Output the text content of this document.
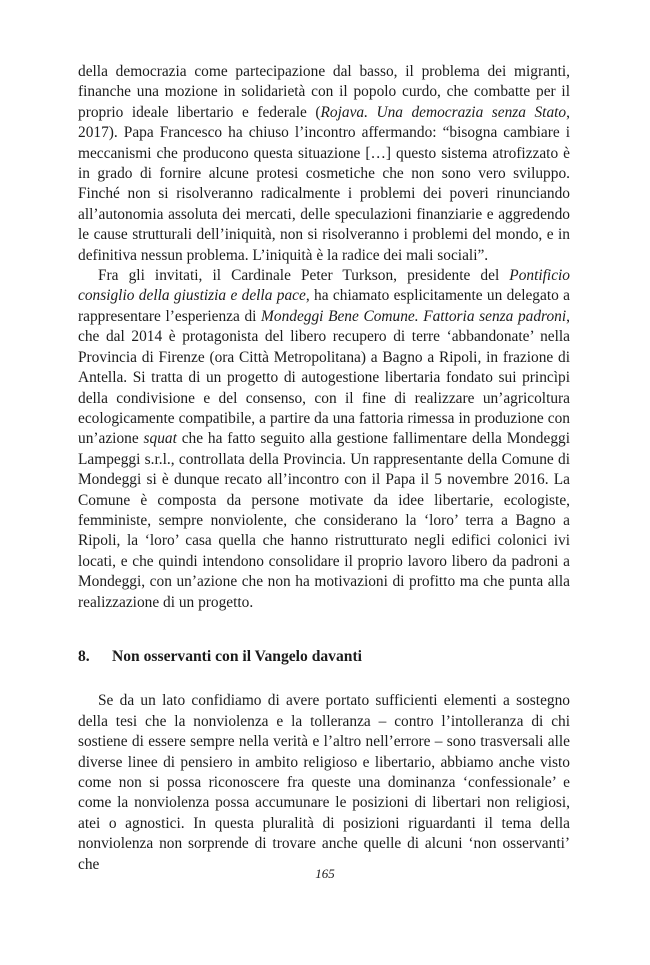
della democrazia come partecipazione dal basso, il problema dei migranti, finanche una mozione in solidarietà con il popolo curdo, che combatte per il proprio ideale libertario e federale (Rojava. Una democrazia senza Stato, 2017). Papa Francesco ha chiuso l’incontro affermando: “bisogna cambiare i meccanismi che producono questa situazione […] questo sistema atrofizzato è in grado di fornire alcune protesi cosmetiche che non sono vero sviluppo. Finché non si risolveranno radicalmente i problemi dei poveri rinunciando all’autonomia assoluta dei mercati, delle speculazioni finanziarie e aggredendo le cause strutturali dell’iniquità, non si risolveranno i problemi del mondo, e in definitiva nessun problema. L’iniquità è la radice dei mali sociali”.

Fra gli invitati, il Cardinale Peter Turkson, presidente del Pontificio consiglio della giustizia e della pace, ha chiamato esplicitamente un delegato a rappresentare l’esperienza di Mondeggi Bene Comune. Fattoria senza padroni, che dal 2014 è protagonista del libero recupero di terre ‘abbandonate’ nella Provincia di Firenze (ora Città Metropolitana) a Bagno a Ripoli, in frazione di Antella. Si tratta di un progetto di autogestione libertaria fondato sui princìpi della condivisione e del consenso, con il fine di realizzare un’agricoltura ecologicamente compatibile, a partire da una fattoria rimessa in produzione con un’azione squat che ha fatto seguito alla gestione fallimentare della Mondeggi Lampeggi s.r.l., controllata della Provincia. Un rappresentante della Comune di Mondeggi si è dunque recato all’incontro con il Papa il 5 novembre 2016. La Comune è composta da persone motivate da idee libertarie, ecologiste, femministe, sempre nonviolente, che considerano la ‘loro’ terra a Bagno a Ripoli, la ‘loro’ casa quella che hanno ristrutturato negli edifici colonici ivi locati, e che quindi intendono consolidare il proprio lavoro libero da padroni a Mondeggi, con un’azione che non ha motivazioni di profitto ma che punta alla realizzazione di un progetto.

8. Non osservanti con il Vangelo davanti

Se da un lato confidiamo di avere portato sufficienti elementi a sostegno della tesi che la nonviolenza e la tolleranza – contro l’intolleranza di chi sostiene di essere sempre nella verità e l’altro nell’errore – sono trasversali alle diverse linee di pensiero in ambito religioso e libertario, abbiamo anche visto come non si possa riconoscere fra queste una dominanza ‘confessionale’ e come la nonviolenza possa accumunare le posizioni di libertari non religiosi, atei o agnostici. In questa pluralità di posizioni riguardanti il tema della nonviolenza non sorprende di trovare anche quelle di alcuni ‘non osservanti’ che

165
